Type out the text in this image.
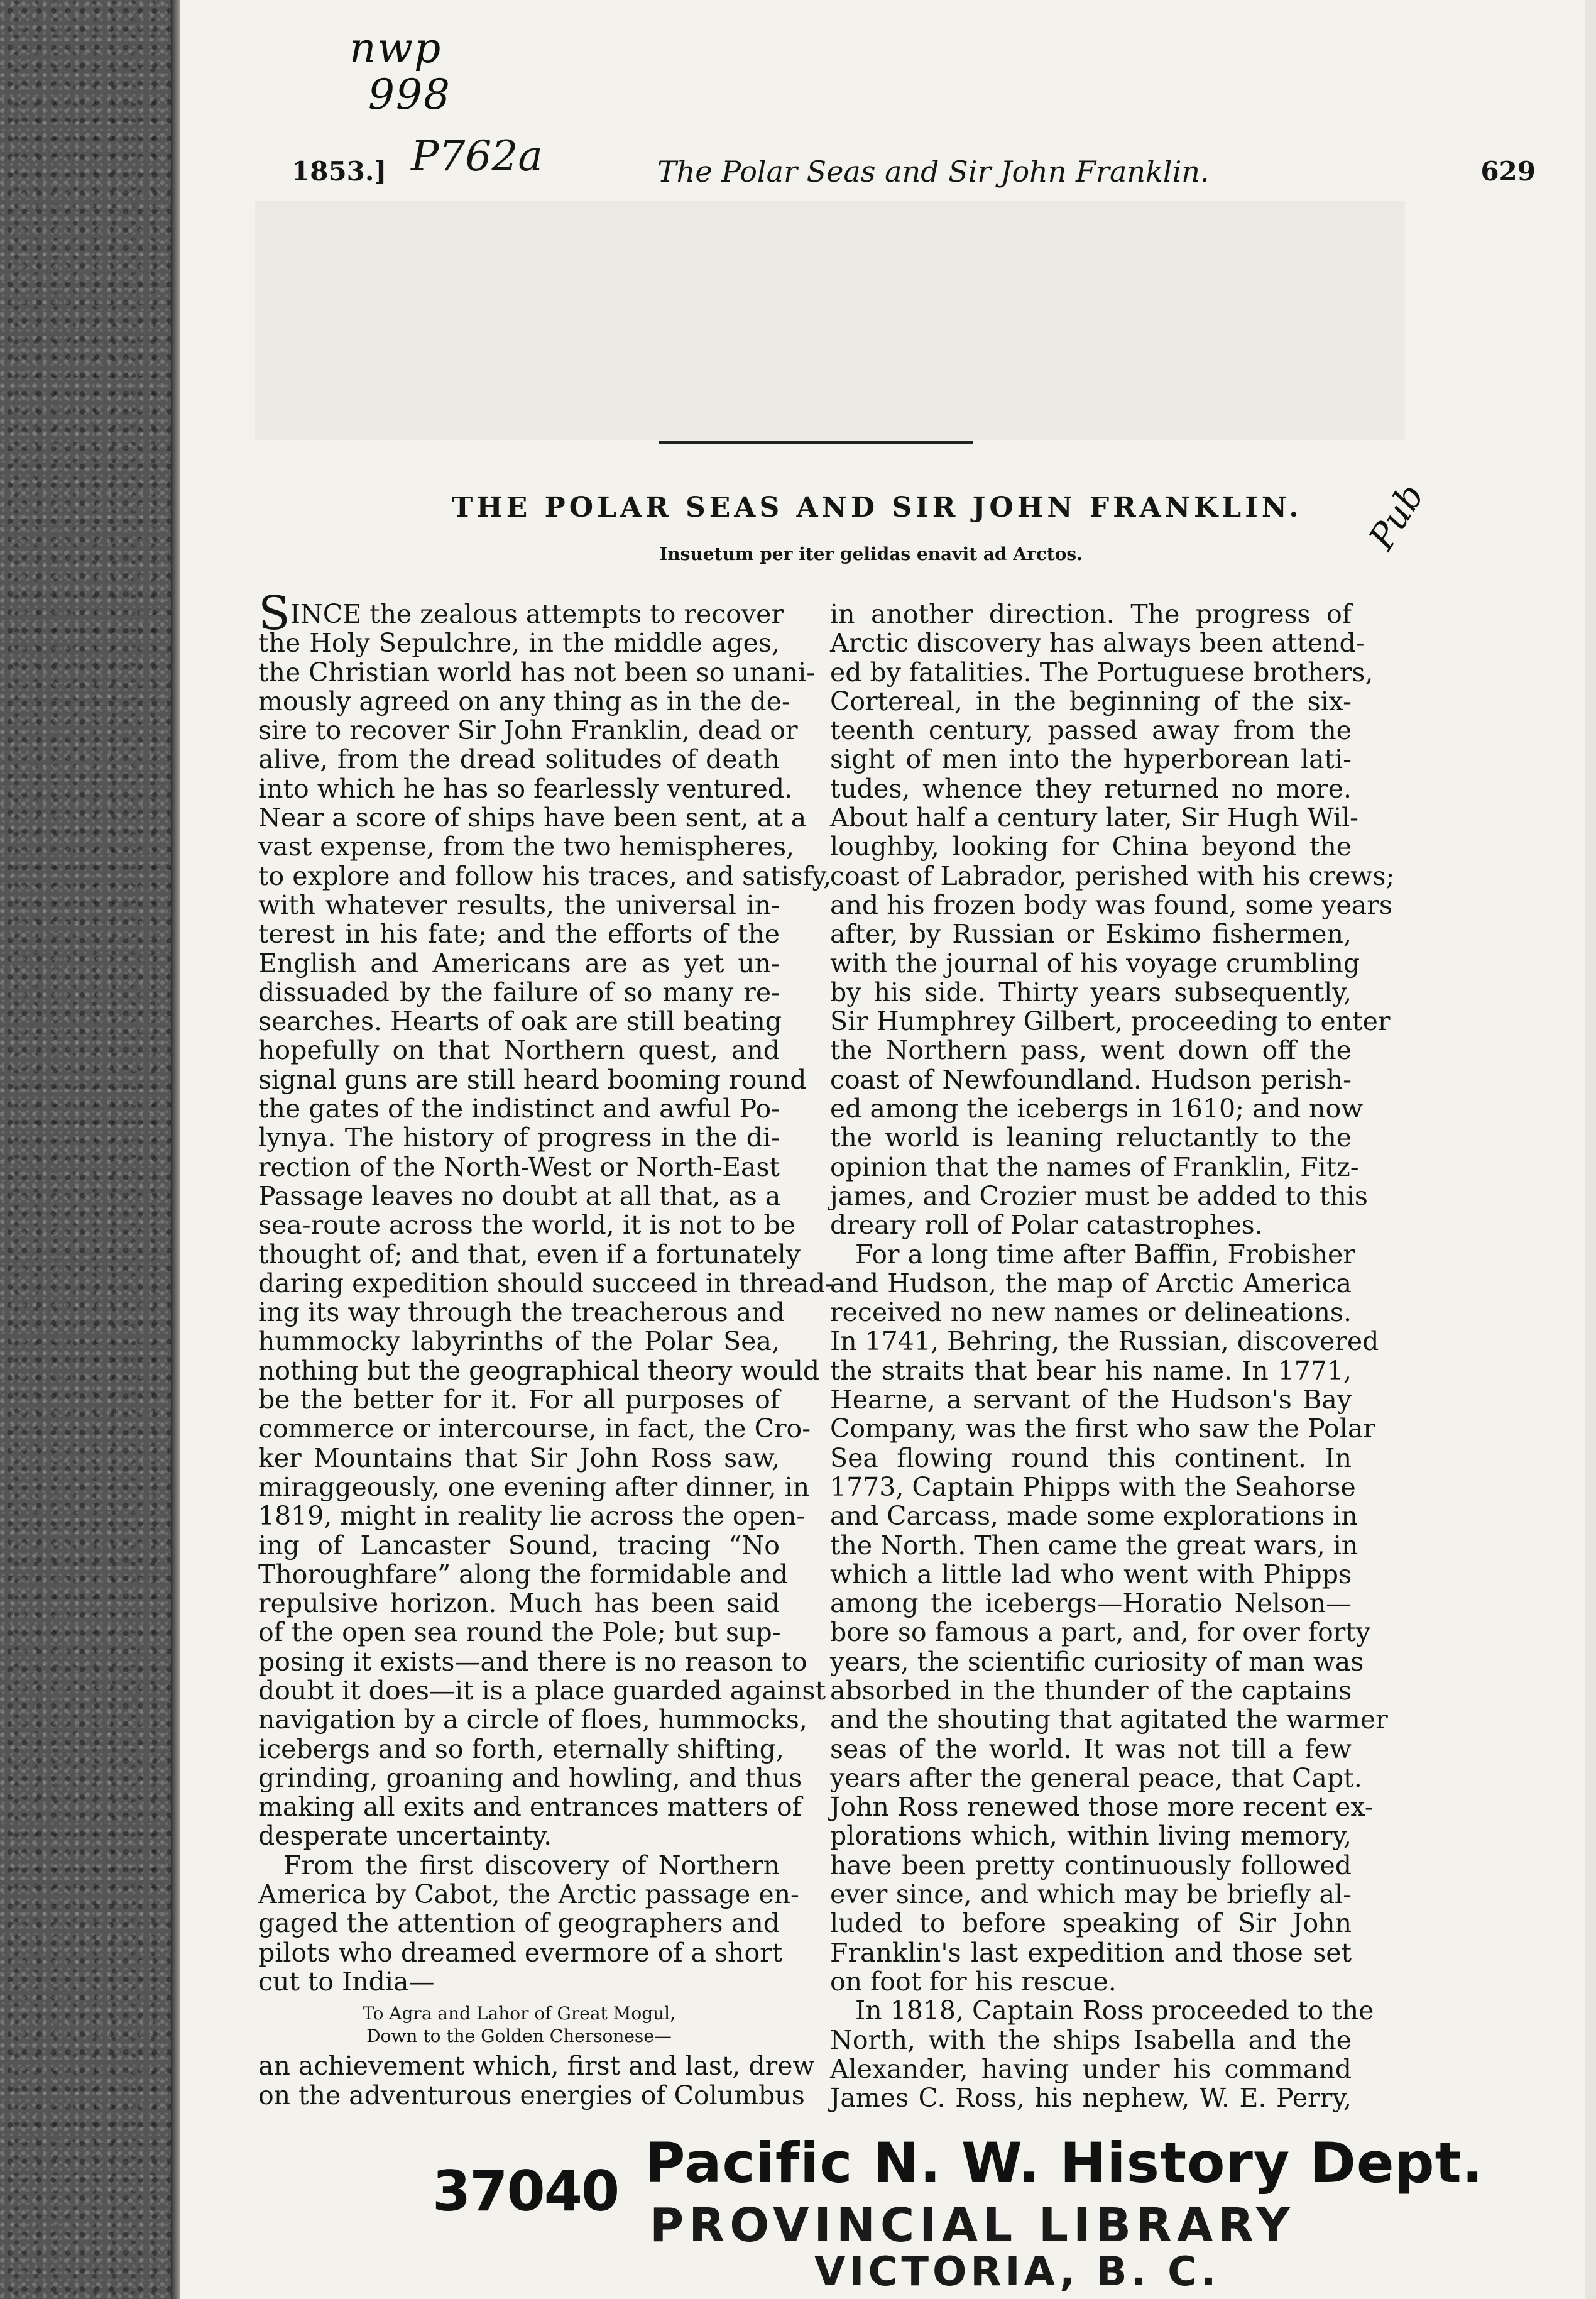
nwp
998
1853.] P762a	The Polar Seas and Sir John Franklin.	629
THE POLAR SEAS AND SIR JOHN FRANKLIN.
Insuetum per iter gelidas enavit ad Arctos.	Pub
SINCE the zealous attempts to recover
the Holy Sepulchre, in the middle ages,
the Christian world has not been so unani-
mously agreed on any thing as in the de-
sire to recover Sir John Franklin, dead or
alive, from the dread solitudes of death
into which he has so fearlessly ventured.
Near a score of ships have been sent, at a
vast expense, from the two hemispheres,
to explore and follow his traces, and satisfy,
with whatever results, the universal in-
terest in his fate; and the efforts of the
English and Americans are as yet un-
dissuaded by the failure of so many re-
searches. Hearts of oak are still beating
hopefully on that Northern quest, and
signal guns are still heard booming round
the gates of the indistinct and awful Po-
lynya. The history of progress in the di-
rection of the North-West or North-East
Passage leaves no doubt at all that, as a
sea-route across the world, it is not to be
thought of; and that, even if a fortunately
daring expedition should succeed in thread-
ing its way through the treacherous and
hummocky labyrinths of the Polar Sea,
nothing but the geographical theory would
be the better for it. For all purposes of
commerce or intercourse, in fact, the Cro-
ker Mountains that Sir John Ross saw,
miraggeously, one evening after dinner, in
1819, might in reality lie across the open-
ing of Lancaster Sound, tracing “No
Thoroughfare” along the formidable and
repulsive horizon. Much has been said
of the open sea round the Pole; but sup-
posing it exists—and there is no reason to
doubt it does—it is a place guarded against
navigation by a circle of floes, hummocks,
icebergs and so forth, eternally shifting,
grinding, groaning and howling, and thus
making all exits and entrances matters of
desperate uncertainty.
From the first discovery of Northern
America by Cabot, the Arctic passage en-
gaged the attention of geographers and
pilots who dreamed evermore of a short
cut to India—
To Agra and Lahor of Great Mogul,
Down to the Golden Chersonese—
an achievement which, first and last, drew
on the adventurous energies of Columbus
in another direction. The progress of
Arctic discovery has always been attend-
ed by fatalities. The Portuguese brothers,
Cortereal, in the beginning of the six-
teenth century, passed away from the
sight of men into the hyperborean lati-
tudes, whence they returned no more.
About half a century later, Sir Hugh Wil-
loughby, looking for China beyond the
coast of Labrador, perished with his crews;
and his frozen body was found, some years
after, by Russian or Eskimo fishermen,
with the journal of his voyage crumbling
by his side. Thirty years subsequently,
Sir Humphrey Gilbert, proceeding to enter
the Northern pass, went down off the
coast of Newfoundland. Hudson perish-
ed among the icebergs in 1610; and now
the world is leaning reluctantly to the
opinion that the names of Franklin, Fitz-
james, and Crozier must be added to this
dreary roll of Polar catastrophes.
For a long time after Baffin, Frobisher
and Hudson, the map of Arctic America
received no new names or delineations.
In 1741, Behring, the Russian, discovered
the straits that bear his name. In 1771,
Hearne, a servant of the Hudson's Bay
Company, was the first who saw the Polar
Sea flowing round this continent. In
1773, Captain Phipps with the Seahorse
and Carcass, made some explorations in
the North. Then came the great wars, in
which a little lad who went with Phipps
among the icebergs—Horatio Nelson—
bore so famous a part, and, for over forty
years, the scientific curiosity of man was
absorbed in the thunder of the captains
and the shouting that agitated the warmer
seas of the world. It was not till a few
years after the general peace, that Capt.
John Ross renewed those more recent ex-
plorations which, within living memory,
have been pretty continuously followed
ever since, and which may be briefly al-
luded to before speaking of Sir John
Franklin's last expedition and those set
on foot for his rescue.
In 1818, Captain Ross proceeded to the
North, with the ships Isabella and the
Alexander, having under his command
James C. Ross, his nephew, W. E. Perry,
37040 Pacific N. W. History Dept.
PROVINCIAL LIBRARY
VICTORIA, B. C.
